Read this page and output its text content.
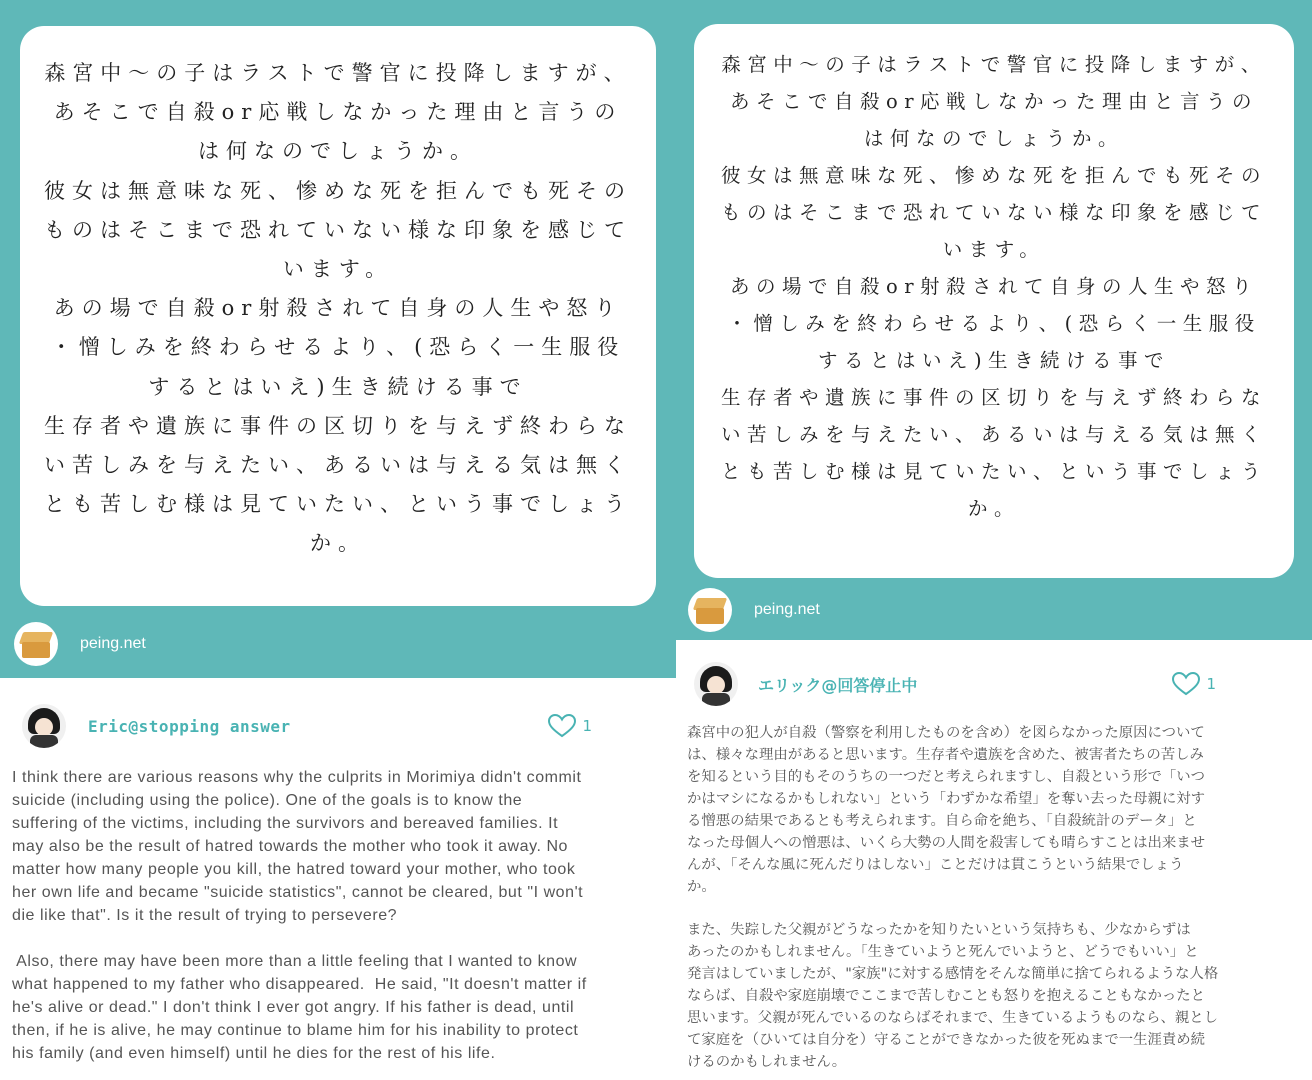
森宮中〜の子はラストで警官に投降しますが、
あそこで自殺or応戦しなかった理由と言うの
は何なのでしょうか。
彼女は無意味な死、惨めな死を拒んでも死その
ものはそこまで恐れていない様な印象を感じて
います。
あの場で自殺or射殺されて自身の人生や怒り
・憎しみを終わらせるより、(恐らく一生服役
するとはいえ)生き続ける事で
生存者や遺族に事件の区切りを与えず終わらな
い苦しみを与えたい、あるいは与える気は無く
とも苦しむ様は見ていたい、という事でしょう
か。
peing.net
Eric@stopping answer	1
I think there are various reasons why the culprits in Morimiya didn't commit
suicide (including using the police). One of the goals is to know the
suffering of the victims, including the survivors and bereaved families. It
may also be the result of hatred towards the mother who took it away. No
matter how many people you kill, the hatred toward your mother, who took
her own life and became "suicide statistics", cannot be cleared, but "I won't
die like that". Is it the result of trying to persevere?
Also, there may have been more than a little feeling that I wanted to know
what happened to my father who disappeared.  He said, "It doesn't matter if
he's alive or dead." I don't think I ever got angry. If his father is dead, until
then, if he is alive, he may continue to blame him for his inability to protect
his family (and even himself) until he dies for the rest of his life.
森宮中〜の子はラストで警官に投降しますが、
あそこで自殺or応戦しなかった理由と言うの
は何なのでしょうか。
彼女は無意味な死、惨めな死を拒んでも死その
ものはそこまで恐れていない様な印象を感じて
います。
あの場で自殺or射殺されて自身の人生や怒り
・憎しみを終わらせるより、(恐らく一生服役
するとはいえ)生き続ける事で
生存者や遺族に事件の区切りを与えず終わらな
い苦しみを与えたい、あるいは与える気は無く
とも苦しむ様は見ていたい、という事でしょう
か。
peing.net
エリック@回答停止中	1
森宮中の犯人が自殺（警察を利用したものを含め）を図らなかった原因について
は、様々な理由があると思います。生存者や遺族を含めた、被害者たちの苦しみ
を知るという目的もそのうちの一つだと考えられますし、自殺という形で「いつ
かはマシになるかもしれない」という「わずかな希望」を奪い去った母親に対す
る憎悪の結果であるとも考えられます。自ら命を絶ち、「自殺統計のデータ」と
なった母個人への憎悪は、いくら大勢の人間を殺害しても晴らすことは出来ませ
んが、「そんな風に死んだりはしない」ことだけは貫こうという結果でしょう
か。
また、失踪した父親がどうなったかを知りたいという気持ちも、少なからずは
あったのかもしれません。「生きていようと死んでいようと、どうでもいい」と
発言はしていましたが、"家族"に対する感情をそんな簡単に捨てられるような人格
ならば、自殺や家庭崩壊でここまで苦しむことも怒りを抱えることもなかったと
思います。父親が死んでいるのならばそれまで、生きているようものなら、親とし
て家庭を（ひいては自分を）守ることができなかった彼を死ぬまで一生涯責め続
けるのかもしれません。
